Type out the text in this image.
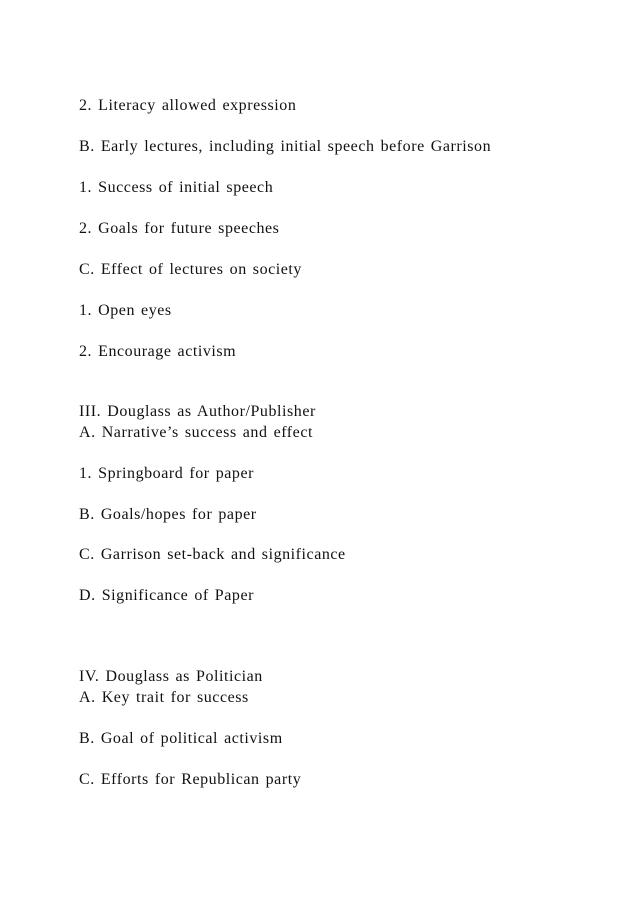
2. Literacy allowed expression
B. Early lectures, including initial speech before Garrison
1. Success of initial speech
2. Goals for future speeches
C. Effect of lectures on society
1. Open eyes
2. Encourage activism
III. Douglass as Author/Publisher
A. Narrative’s success and effect
1. Springboard for paper
B. Goals/hopes for paper
C. Garrison set-back and significance
D. Significance of Paper
IV. Douglass as Politician
A. Key trait for success
B. Goal of political activism
C. Efforts for Republican party
